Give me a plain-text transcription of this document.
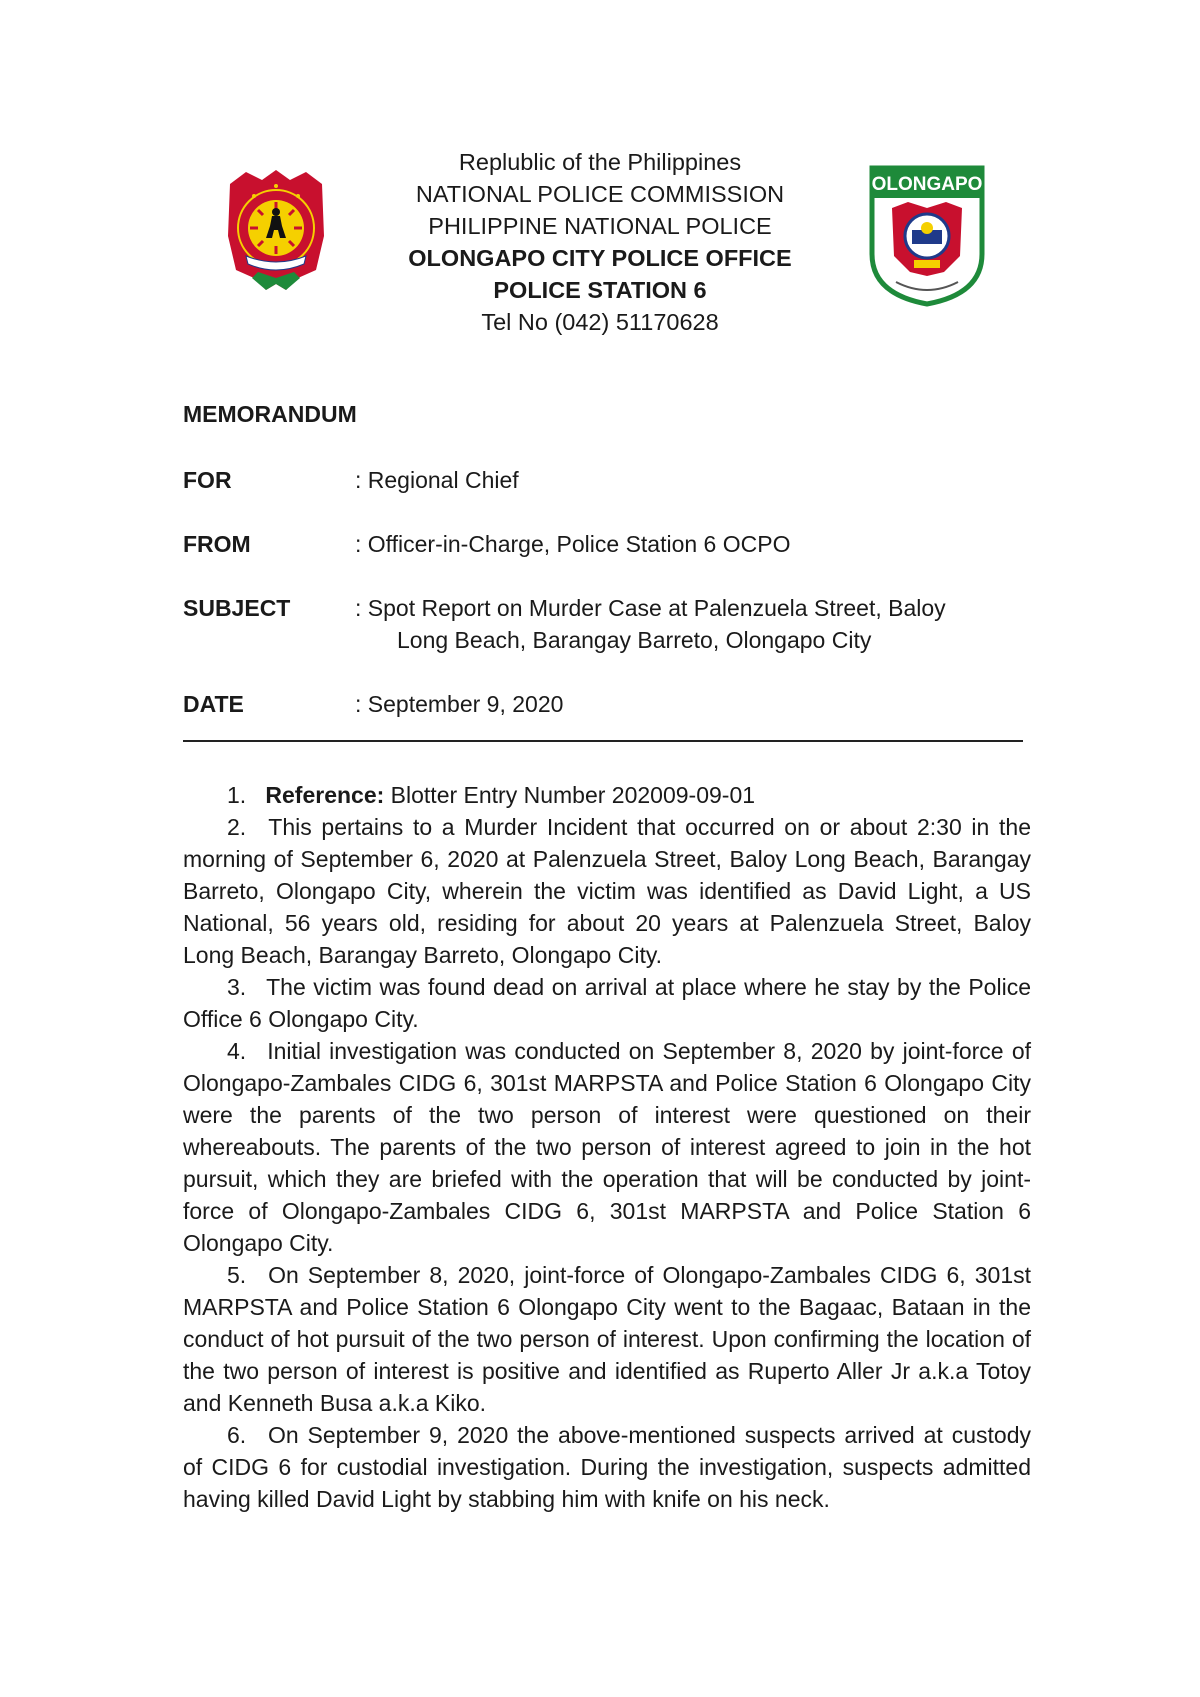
OLONGAPO
Replublic of the Philippines
NATIONAL POLICE COMMISSION
PHILIPPINE NATIONAL POLICE
OLONGAPO CITY POLICE OFFICE
POLICE STATION 6
Tel No (042) 51170628
MEMORANDUM
FOR	: Regional Chief
FROM	: Officer-in-Charge, Police Station 6 OCPO
SUBJECT	: Spot Report on Murder Case at Palenzuela Street, Baloy
Long Beach, Barangay Barreto, Olongapo City
DATE	: September 9, 2020

1. Reference: Blotter Entry Number 202009-09-01

2. This pertains to a Murder Incident that occurred on or about 2:30 in the morning of September 6, 2020 at Palenzuela Street, Baloy Long Beach, Barangay Barreto, Olongapo City, wherein the victim was identified as David Light, a US National, 56 years old, residing for about 20 years at Palenzuela Street, Baloy Long Beach, Barangay Barreto, Olongapo City.

3. The victim was found dead on arrival at place where he stay by the Police Office 6 Olongapo City.

4. Initial investigation was conducted on September 8, 2020 by joint-force of Olongapo-Zambales CIDG 6, 301st MARPSTA and Police Station 6 Olongapo City were the parents of the two person of interest were questioned on their whereabouts. The parents of the two person of interest agreed to join in the hot pursuit, which they are briefed with the operation that will be conducted by joint-force of Olongapo-Zambales CIDG 6, 301st MARPSTA and Police Station 6 Olongapo City.

5. On September 8, 2020, joint-force of Olongapo-Zambales CIDG 6, 301st MARPSTA and Police Station 6 Olongapo City went to the Bagaac, Bataan in the conduct of hot pursuit of the two person of interest. Upon confirming the location of the two person of interest is positive and identified as Ruperto Aller Jr a.k.a Totoy and Kenneth Busa a.k.a Kiko.

6. On September 9, 2020 the above-mentioned suspects arrived at custody of CIDG 6 for custodial investigation. During the investigation, suspects admitted having killed David Light by stabbing him with knife on his neck.
